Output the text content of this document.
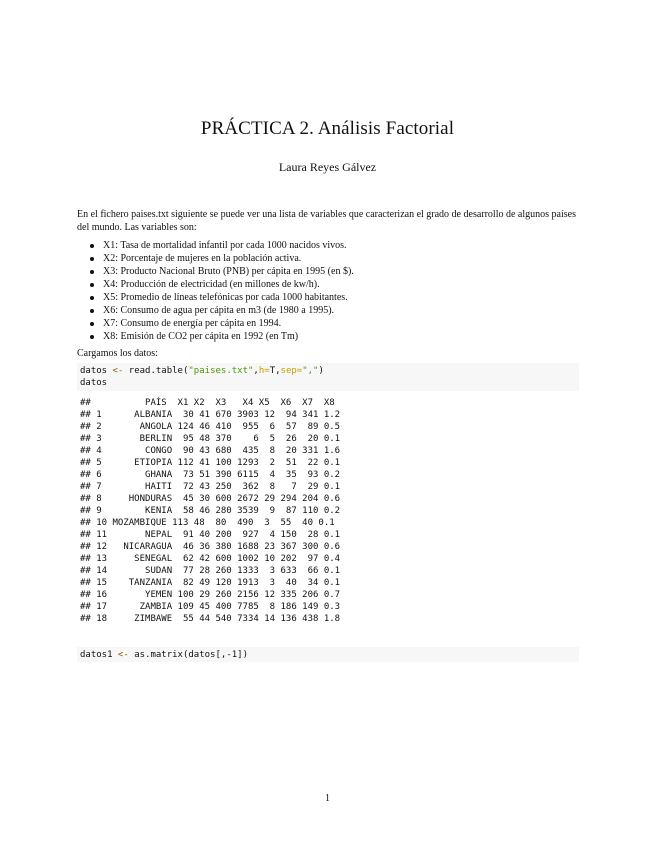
PRÁCTICA 2. Análisis Factorial
Laura Reyes Gálvez
En el fichero paises.txt siguiente se puede ver una lista de variables que caracterizan el grado de desarrollo de algunos países del mundo. Las variables son:
X1: Tasa de mortalidad infantil por cada 1000 nacidos vivos.
X2: Porcentaje de mujeres en la población activa.
X3: Producto Nacional Bruto (PNB) per cápita en 1995 (en $).
X4: Producción de electricidad (en millones de kw/h).
X5: Promedio de líneas telefónicas por cada 1000 habitantes.
X6: Consumo de agua per cápita en m3 (de 1980 a 1995).
X7: Consumo de energía per cápita en 1994.
X8: Emisión de CO2 per cápita en 1992 (en Tm)
Cargamos los datos:
datos <- read.table("paises.txt",h=T,sep=",")
datos
##          PAÍS  X1 X2  X3   X4 X5  X6  X7  X8
## 1      ALBANIA  30 41 670 3903 12  94 341 1.2
## 2       ANGOLA 124 46 410  955  6  57  89 0.5
## 3       BERLIN  95 48 370    6  5  26  20 0.1
## 4        CONGO  90 43 680  435  8  20 331 1.6
## 5      ETIOPIA 112 41 100 1293  2  51  22 0.1
## 6        GHANA  73 51 390 6115  4  35  93 0.2
## 7        HAITI  72 43 250  362  8   7  29 0.1
## 8     HONDURAS  45 30 600 2672 29 294 204 0.6
## 9        KENIA  58 46 280 3539  9  87 110 0.2
## 10 MOZAMBIQUE 113 48  80  490  3  55  40 0.1
## 11       NEPAL  91 40 200  927  4 150  28 0.1
## 12   NICARAGUA  46 36 380 1688 23 367 300 0.6
## 13     SENEGAL  62 42 600 1002 10 202  97 0.4
## 14       SUDAN  77 28 260 1333  3 633  66 0.1
## 15    TANZANIA  82 49 120 1913  3  40  34 0.1
## 16       YEMEN 100 29 260 2156 12 335 206 0.7
## 17      ZAMBIA 109 45 400 7785  8 186 149 0.3
## 18     ZIMBAWE  55 44 540 7334 14 136 438 1.8
datos1 <- as.matrix(datos[,-1])
1
